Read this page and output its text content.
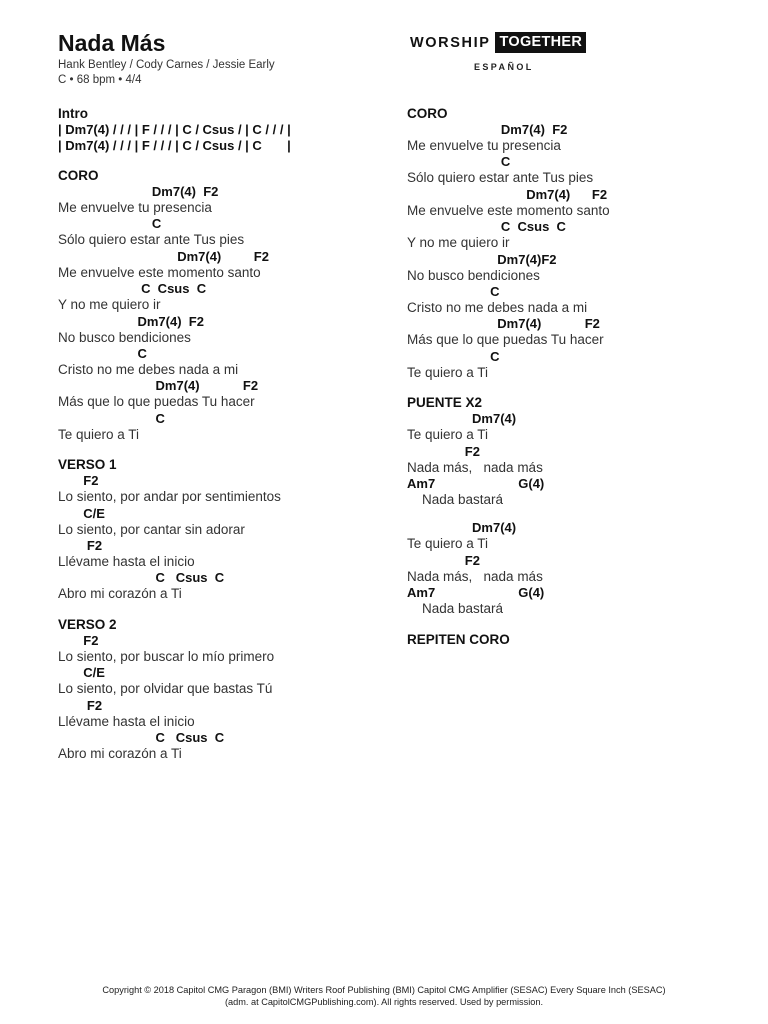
Nada Más
Hank Bentley / Cody Carnes / Jessie Early
C • 68 bpm • 4/4
WORSHIP TOGETHER
ESPAÑOL
Intro
| Dm7(4) / / / | F / / / | C / Csus / | C / / / |
| Dm7(4) / / / | F / / / | C / Csus / | C       |
CORO
Dm7(4)  F2
Me envuelve tu presencia
C
Sólo quiero estar ante Tus pies
Dm7(4)         F2
Me envuelve este momento santo
C  Csus  C
Y no me quiero ir
Dm7(4)  F2
No busco bendiciones
C
Cristo no me debes nada a mi
Dm7(4)            F2
Más que lo que puedas Tu hacer
C
Te quiero a Ti
VERSO 1
F2
Lo siento, por andar por sentimientos
C/E
Lo siento, por cantar sin adorar
F2
Llévame hasta el inicio
C   Csus  C
Abro mi corazón a Ti
VERSO 2
F2
Lo siento, por buscar lo mío primero
C/E
Lo siento, por olvidar que bastas Tú
F2
Llévame hasta el inicio
C   Csus  C
Abro mi corazón a Ti
CORO
Dm7(4)  F2
Me envuelve tu presencia
C
Sólo quiero estar ante Tus pies
Dm7(4)      F2
Me envuelve este momento santo
C  Csus  C
Y no me quiero ir
Dm7(4)F2
No busco bendiciones
C
Cristo no me debes nada a mi
Dm7(4)            F2
Más que lo que puedas Tu hacer
C
Te quiero a Ti
PUENTE X2
Dm7(4)
Te quiero a Ti
F2
Nada más,   nada más
Am7                       G(4)
Nada bastará
Dm7(4)
Te quiero a Ti
F2
Nada más,   nada más
Am7                       G(4)
Nada bastará
REPITEN CORO
Copyright © 2018 Capitol CMG Paragon (BMI) Writers Roof Publishing (BMI) Capitol CMG Amplifier (SESAC) Every Square Inch (SESAC)
(adm. at CapitolCMGPublishing.com). All rights reserved. Used by permission.
